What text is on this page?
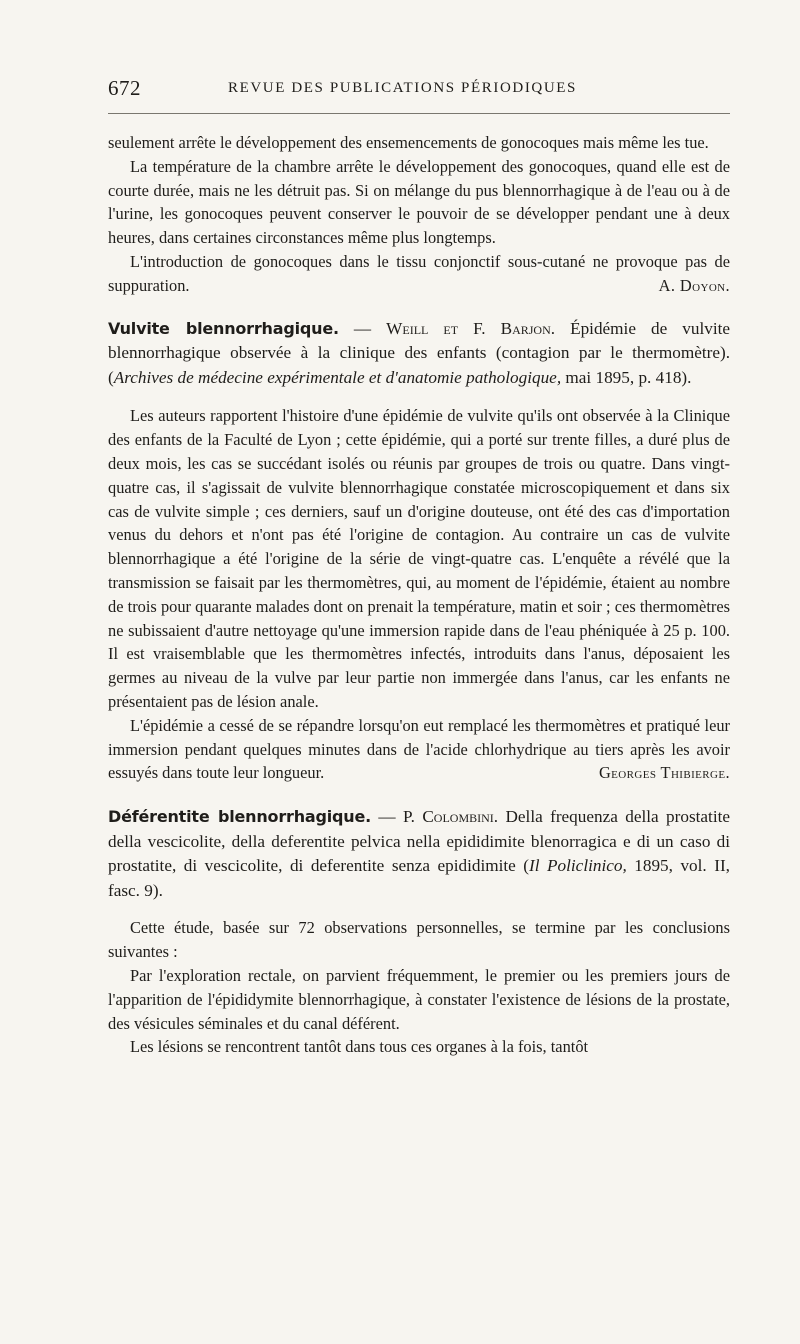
672	REVUE DES PUBLICATIONS PÉRIODIQUES

seulement arrête le développement des ensemencements de gonocoques mais même les tue.

La température de la chambre arrête le développement des gonocoques, quand elle est de courte durée, mais ne les détruit pas. Si on mélange du pus blennorrhagique à de l'eau ou à de l'urine, les gonocoques peuvent conserver le pouvoir de se développer pendant une à deux heures, dans certaines circonstances même plus longtemps.

L'introduction de gonocoques dans le tissu conjonctif sous-cutané ne provoque pas de suppuration.	A. Doyon.

Vulvite blennorrhagique. — Weill et F. Barjon. Épidémie de vulvite blennorrhagique observée à la clinique des enfants (contagion par le thermomètre). (Archives de médecine expérimentale et d'anatomie pathologique, mai 1895, p. 418).

Les auteurs rapportent l'histoire d'une épidémie de vulvite qu'ils ont observée à la Clinique des enfants de la Faculté de Lyon ; cette épidémie, qui a porté sur trente filles, a duré plus de deux mois, les cas se succédant isolés ou réunis par groupes de trois ou quatre. Dans vingt-quatre cas, il s'agissait de vulvite blennorrhagique constatée microscopiquement et dans six cas de vulvite simple ; ces derniers, sauf un d'origine douteuse, ont été des cas d'importation venus du dehors et n'ont pas été l'origine de contagion. Au contraire un cas de vulvite blennorrhagique a été l'origine de la série de vingt-quatre cas. L'enquête a révélé que la transmission se faisait par les thermomètres, qui, au moment de l'épidémie, étaient au nombre de trois pour quarante malades dont on prenait la température, matin et soir ; ces thermomètres ne subissaient d'autre nettoyage qu'une immersion rapide dans de l'eau phéniquée à 25 p. 100. Il est vraisemblable que les thermomètres infectés, introduits dans l'anus, déposaient les germes au niveau de la vulve par leur partie non immergée dans l'anus, car les enfants ne présentaient pas de lésion anale.

L'épidémie a cessé de se répandre lorsqu'on eut remplacé les thermomètres et pratiqué leur immersion pendant quelques minutes dans de l'acide chlorhydrique au tiers après les avoir essuyés dans toute leur longueur.	Georges Thibierge.

Déférentite blennorrhagique. — P. Colombini. Della frequenza della prostatite della vescicolite, della deferentite pelvica nella epididimite blenorragica e di un caso di prostatite, di vescicolite, di deferentite senza epididimite (Il Policlinico, 1895, vol. II, fasc. 9).

Cette étude, basée sur 72 observations personnelles, se termine par les conclusions suivantes :

Par l'exploration rectale, on parvient fréquemment, le premier ou les premiers jours de l'apparition de l'épididymite blennorrhagique, à constater l'existence de lésions de la prostate, des vésicules séminales et du canal déférent.

Les lésions se rencontrent tantôt dans tous ces organes à la fois, tantôt
